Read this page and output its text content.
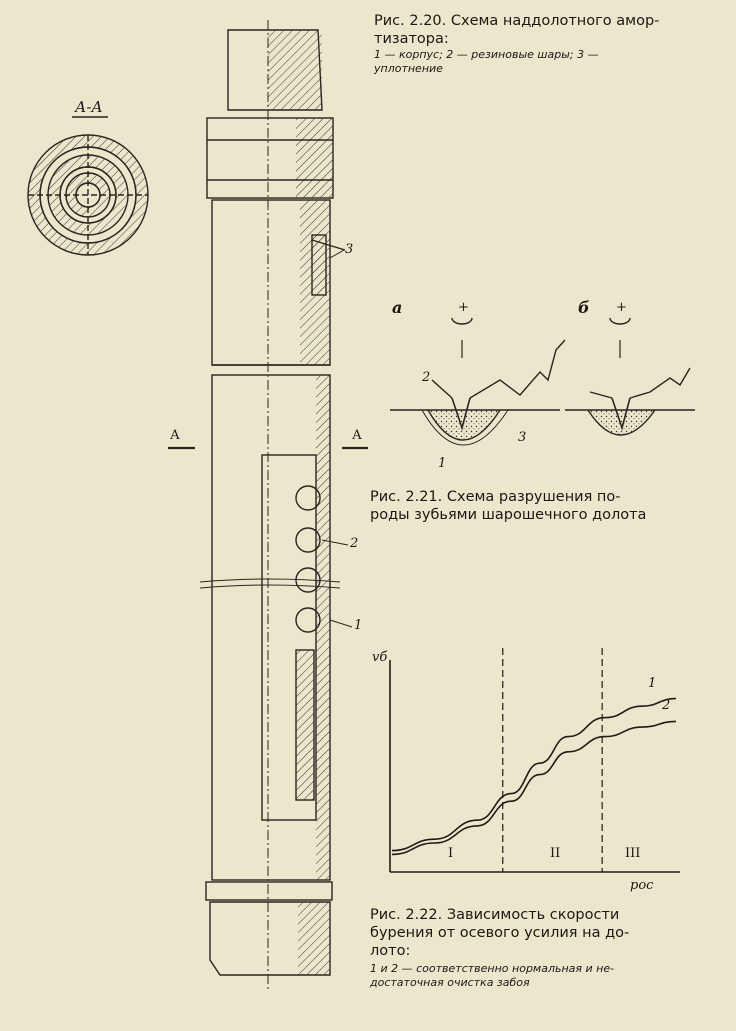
Рис. 2.20. Схема наддолотного амор-
тизатора:
1 — корпус; 2 — резиновые шары; 3 —
уплотнение
А-А
А	А
3
2
1
а	б
+	+
2
3
1
Рис. 2.21. Схема разрушения по-
роды зубьями шарошечного долота
vб
pос
I	II	III
1
2
Рис. 2.22. Зависимость скорости
бурения от осевого усилия на до-
лото:
1 и 2 — соответственно нормальная и не-
достаточная очистка забоя
